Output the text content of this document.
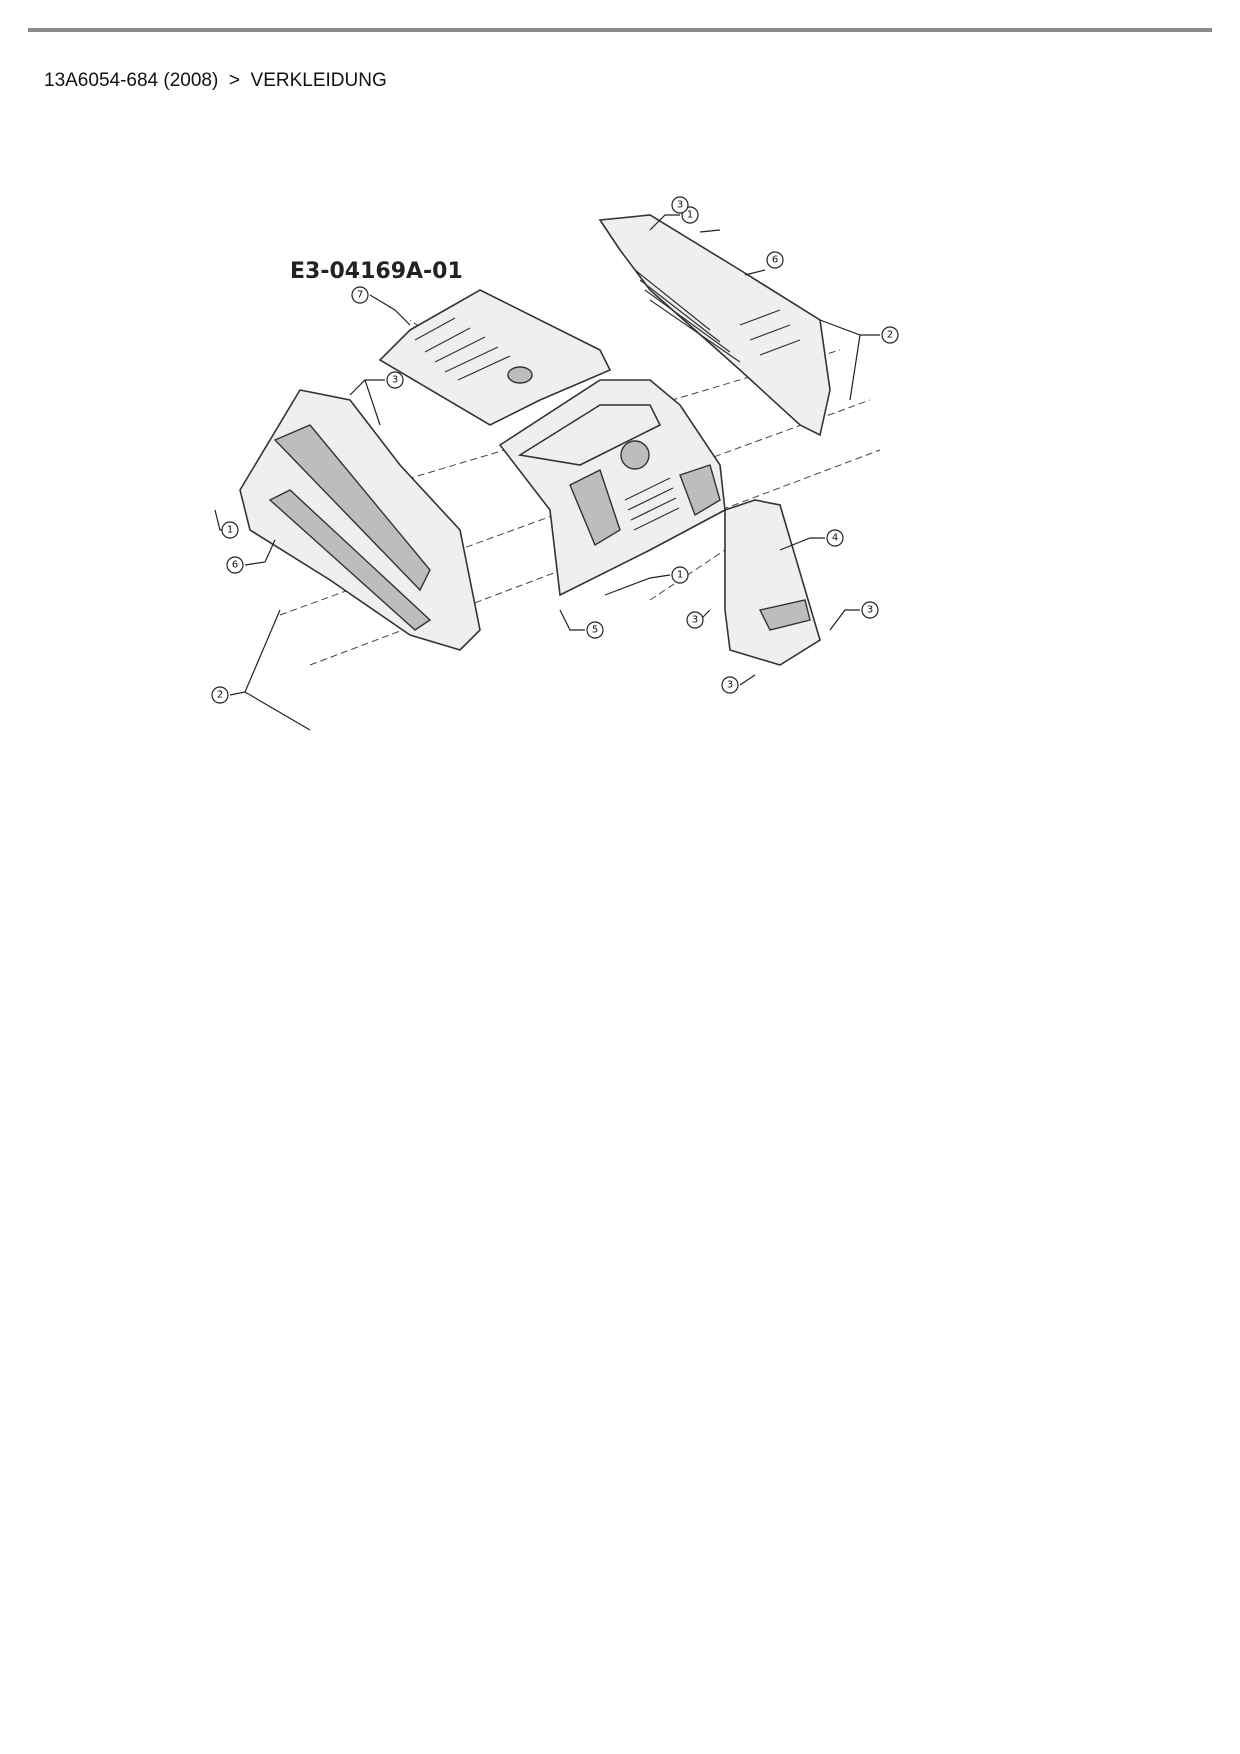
13A6054-684 (2008) > VERKLEIDUNG
E3-04169A-01
1
1
1
2
2
3
3
3
3
3
4
5
6
6
7
